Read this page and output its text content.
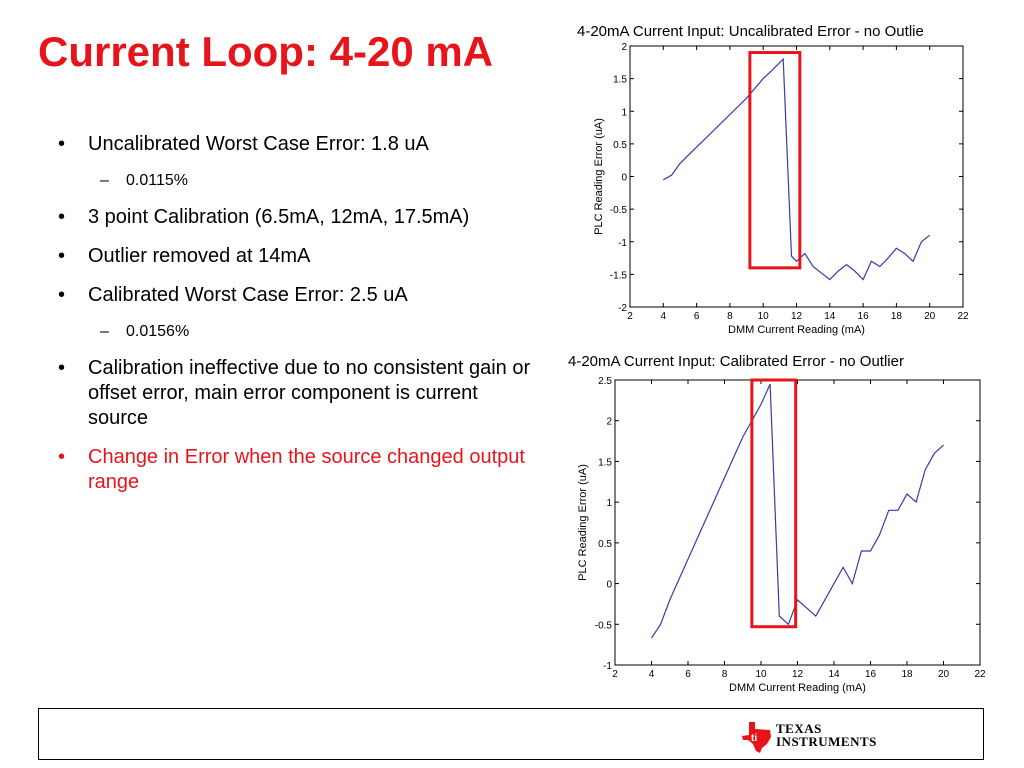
Current Loop: 4-20 mA
• Uncalibrated Worst Case Error: 1.8 uA
– 0.0115%
• 3 point Calibration (6.5mA, 12mA, 17.5mA)
• Outlier removed at 14mA
• Calibrated Worst Case Error: 2.5 uA
– 0.0156%
• Calibration ineffective due to no consistent gain or offset error, main error component is current source
• Change in Error when the source changed output range
4-20mA Current Input: Uncalibrated Error - no Outlie
2	4	6	8 10 12 14 16 18 20 22
-2
-1.5
-1
-0.5
0
0.5
1
1.5
2
DMM Current Reading (mA)
PLC Reading Error (uA)
4-20mA Current Input: Calibrated Error - no Outlier
2	4	6	8	10	12	14	16	18	20	22
-1
-0.5
0
0.5
1
1.5
2
2.5
DMM Current Reading (mA)
PLC Reading Error (uA)
ti
TEXAS
INSTRUMENTS
